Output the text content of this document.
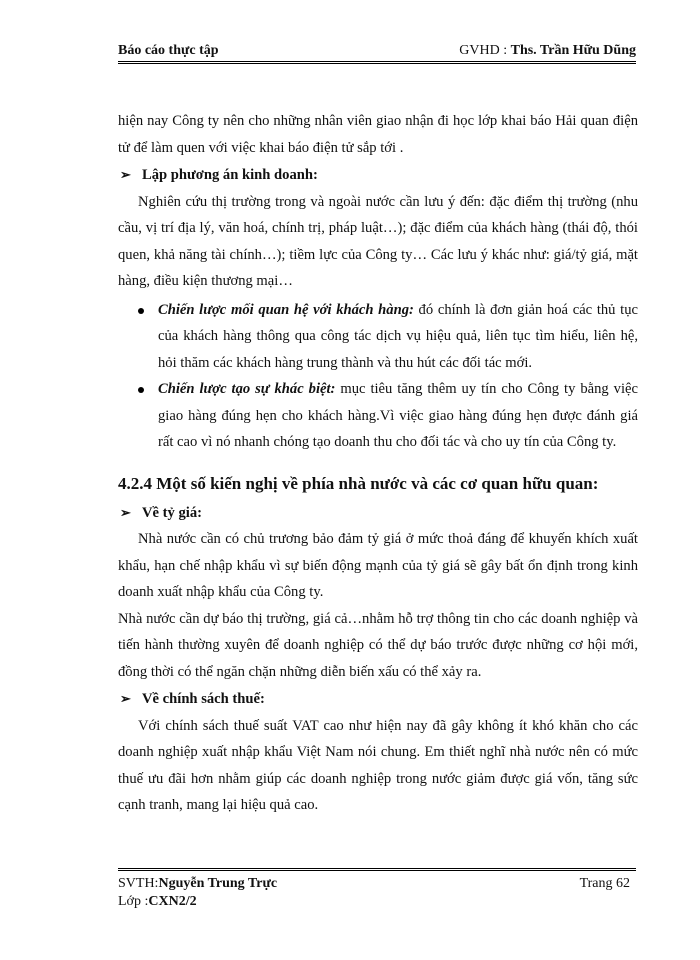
Báo cáo thực tập	GVHD : Ths. Trần Hữu Dũng

hiện nay Công ty nên cho những nhân viên giao nhận đi học lớp khai báo Hải quan điện tử để làm quen với việc khai báo điện tử sắp tới .

➢ Lập phương án kinh doanh:

Nghiên cứu thị trường trong và ngoài nước cần lưu ý đến: đặc điểm thị trường (nhu cầu, vị trí địa lý, văn hoá, chính trị, pháp luật…); đặc điểm của khách hàng (thái độ, thói quen, khả năng tài chính…); tiềm lực của Công ty… Các lưu ý khác như: giá/tỷ giá, mặt hàng, điều kiện thương mại…

Chiến lược mối quan hệ với khách hàng: đó chính là đơn giản hoá các thủ tục của khách hàng thông qua công tác dịch vụ hiệu quả, liên tục tìm hiểu, liên hệ, hỏi thăm các khách hàng trung thành và thu hút các đối tác mới.
Chiến lược tạo sự khác biệt: mục tiêu tăng thêm uy tín cho Công ty bằng việc giao hàng đúng hẹn cho khách hàng.Vì việc giao hàng đúng hẹn được đánh giá rất cao vì nó nhanh chóng tạo doanh thu cho đối tác và cho uy tín của Công ty.
4.2.4 Một số kiến nghị về phía nhà nước và các cơ quan hữu quan:
➢ Về tỷ giá:

Nhà nước cần có chủ trương bảo đảm tỷ giá ở mức thoả đáng để khuyến khích xuất khẩu, hạn chế nhập khẩu vì sự biến động mạnh của tỷ giá sẽ gây bất ổn định trong kinh doanh xuất nhập khẩu của Công ty.

Nhà nước cần dự báo thị trường, giá cả…nhằm hỗ trợ thông tin cho các doanh nghiệp và tiến hành thường xuyên để doanh nghiệp có thể dự báo trước được những cơ hội mới, đồng thời có thể ngăn chặn những diễn biến xấu có thể xảy ra.

➢ Về chính sách thuế:

Với chính sách thuế suất VAT cao như hiện nay đã gây không ít khó khăn cho các doanh nghiệp xuất nhập khẩu Việt Nam nói chung. Em thiết nghĩ nhà nước nên có mức thuế ưu đãi hơn nhằm giúp các doanh nghiệp trong nước giảm được giá vốn, tăng sức cạnh tranh, mang lại hiệu quả cao.

SVTH:Nguyễn Trung Trực	Trang 62
Lớp :CXN2/2
